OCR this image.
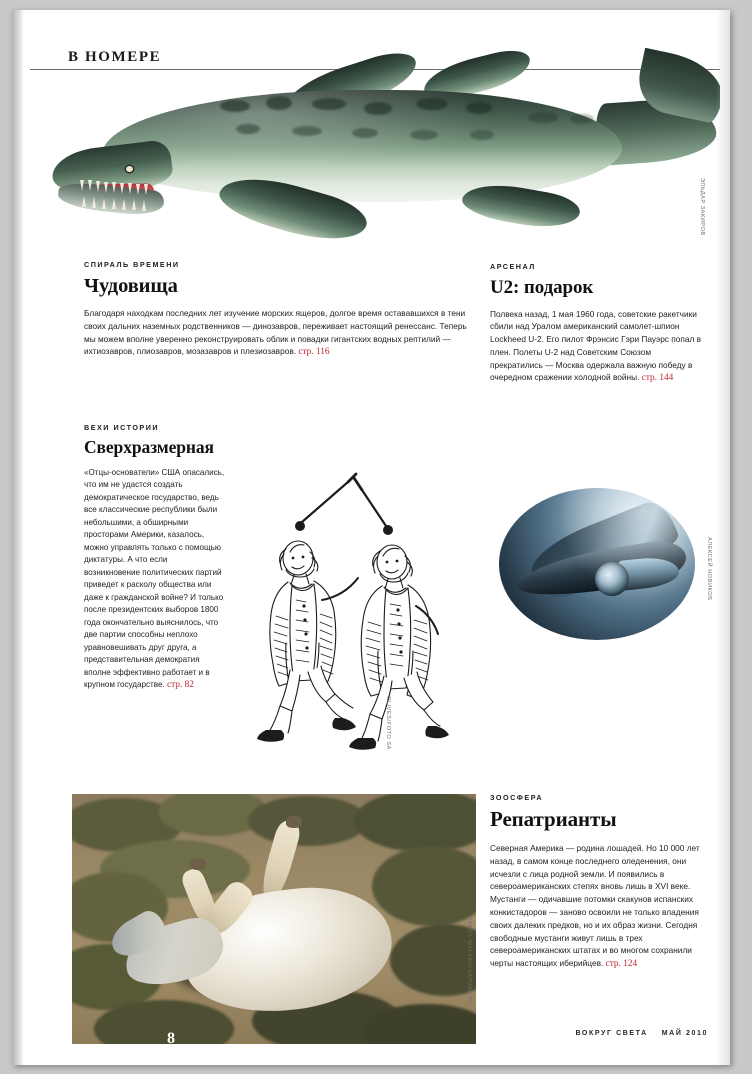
В НОМЕРЕ
ЭЛЬДАР ЗАКИРОВ
СПИРАЛЬ ВРЕМЕНИ
Чудовища
Благодаря находкам последних лет изучение морских ящеров, долгое время остававшихся в тени своих дальних наземных родственников — динозавров, переживает настоящий ренессанс. Теперь мы можем вполне уверенно реконструировать облик и повадки гигантских водных рептилий — ихтиозавров, плиозавров, мозазавров и плезиозавров. стр. 116
АРСЕНАЛ
U2: подарок
Полвека назад, 1 мая 1960 года, советские ракетчики сбили над Уралом американский самолет-шпион Lockheed U-2. Его пилот Фрэнсис Гэри Пауэрс попал в плен. Полеты U-2 над Советским Союзом прекратились — Москва одержала важную победу в очередном сражении холодной войны. стр. 144
ВЕХИ ИСТОРИИ
Сверхразмерная
«Отцы-основатели» США опасались, что им не удастся создать демократическое государство, ведь все классические республики были небольшими, а обширными просторами Америки, казалось, можно управлять только с помощью диктатуры. А что если возникновение политических партий приведет к расколу общества или даже к гражданской войне? И только после президентских выборов 1800 года окончательно выяснилось, что две партии способны неплохо уравновешивать друг друга, а представительная демократия вполне эффективно работает и в крупном государстве. стр. 82
OLIVES/FOTO SA
АЛЕКСЕЙ НОВИКОВ
ЗООСФЕРА
Репатрианты
Северная Америка — родина лошадей. Но 10 000 лет назад, в самом конце последнего оледенения, они исчезли с лица родной земли. И появились в североамериканских степях вновь лишь в XVI веке. Мустанги — одичавшие потомки скакунов испанских конкистадоров — заново освоили не только владения своих далеких предков, но и их образ жизни. Сегодня свободные мустанги живут лишь в трех североамериканских штатах и во многом сохранили черты настоящих иберийцев. стр. 124
CAROL WALKER/NATURE PL.
8	ВОКРУГ СВЕТА МАЙ 2010
